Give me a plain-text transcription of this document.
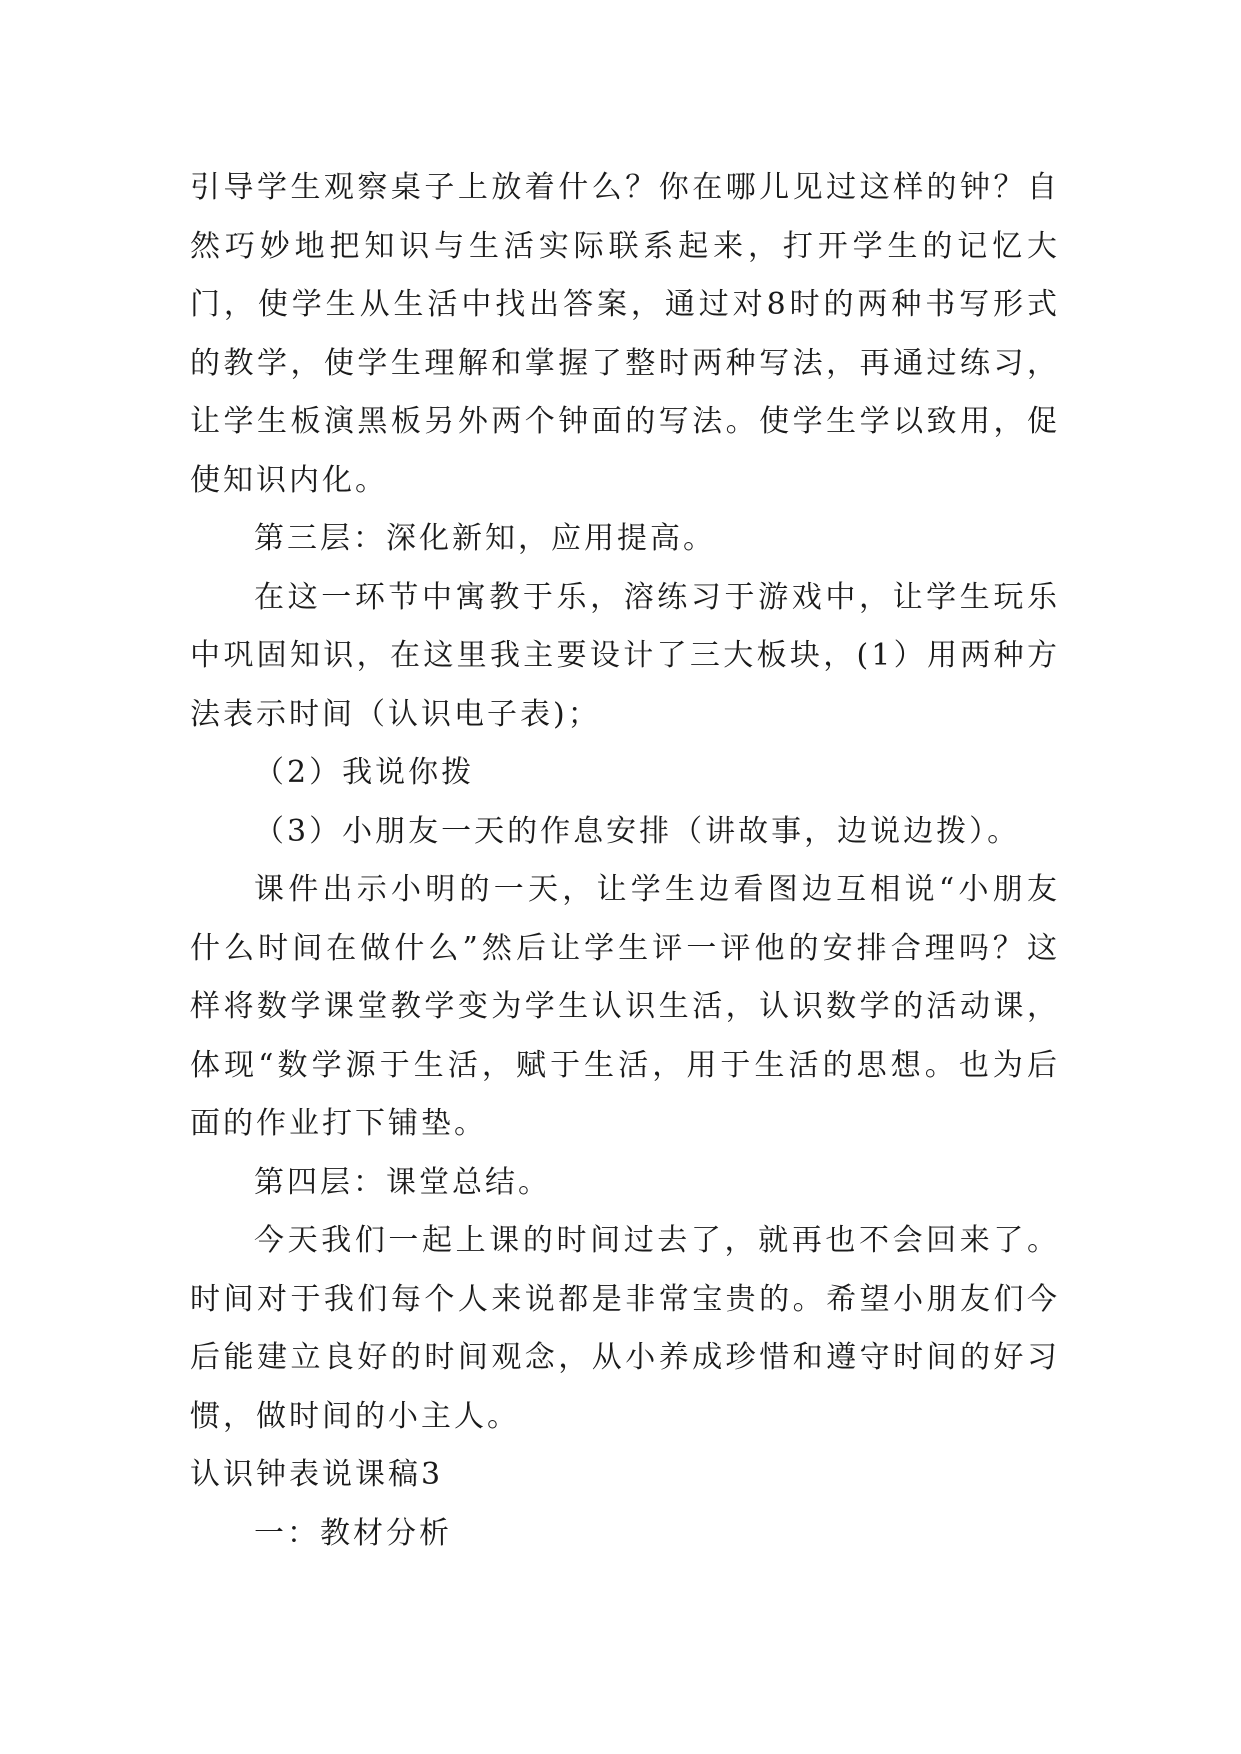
引导学生观察桌子上放着什么？你在哪儿见过这样的钟？自然巧妙地把知识与生活实际联系起来，打开学生的记忆大门，使学生从生活中找出答案，通过对8时的两种书写形式的教学，使学生理解和掌握了整时两种写法，再通过练习，让学生板演黑板另外两个钟面的写法。使学生学以致用，促使知识内化。

第三层：深化新知，应用提高。

在这一环节中寓教于乐，溶练习于游戏中，让学生玩乐中巩固知识，在这里我主要设计了三大板块，(1）用两种方法表示时间（认识电子表)；

（2）我说你拨

（3）小朋友一天的作息安排（讲故事，边说边拨）。

课件出示小明的一天，让学生边看图边互相说“小朋友什么时间在做什么”然后让学生评一评他的安排合理吗？这样将数学课堂教学变为学生认识生活，认识数学的活动课，体现“数学源于生活，赋于生活，用于生活的思想。也为后面的作业打下铺垫。

第四层：课堂总结。

今天我们一起上课的时间过去了，就再也不会回来了。时间对于我们每个人来说都是非常宝贵的。希望小朋友们今后能建立良好的时间观念，从小养成珍惜和遵守时间的好习惯，做时间的小主人。

认识钟表说课稿3

一：教材分析
